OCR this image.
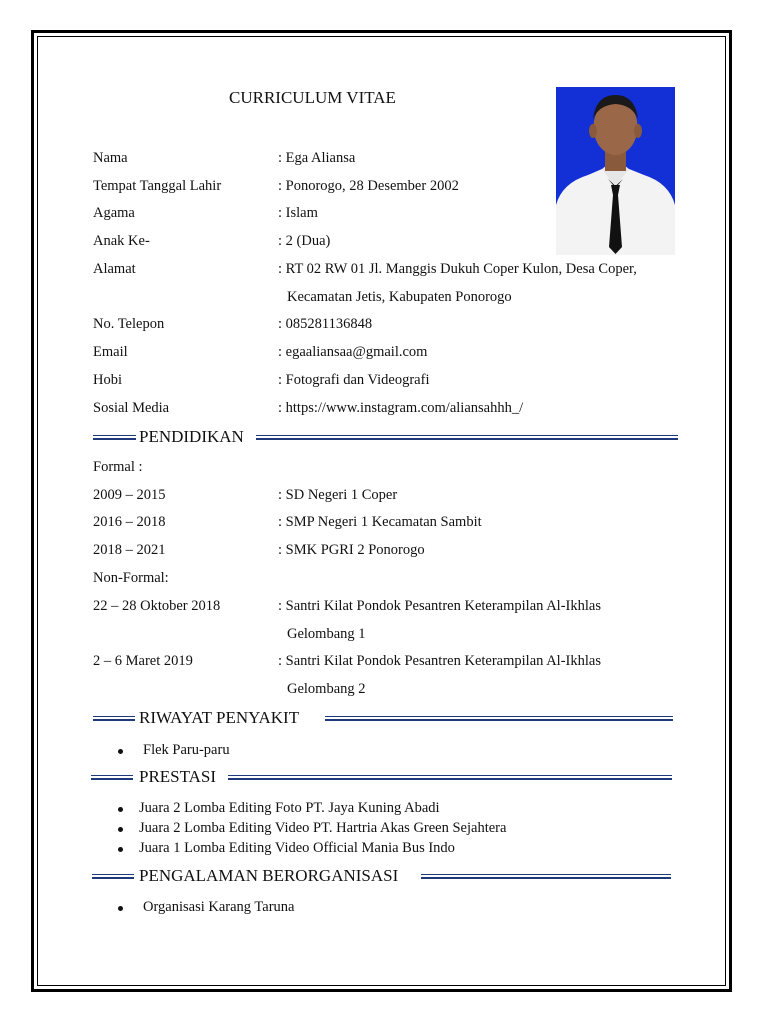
CURRICULUM VITAE
Nama	: Ega Aliansa
Tempat Tanggal Lahir	: Ponorogo, 28 Desember 2002
Agama	: Islam
Anak Ke-	: 2 (Dua)
Alamat	: RT 02 RW 01 Jl. Manggis Dukuh Coper Kulon, Desa Coper,
Kecamatan Jetis, Kabupaten Ponorogo
No. Telepon	: 085281136848
Email	: egaaliansaa@gmail.com
Hobi	: Fotografi dan Videografi
Sosial Media	: https://www.instagram.com/aliansahhh_/
PENDIDIKAN
Formal :
2009 – 2015	: SD Negeri 1 Coper
2016 – 2018	: SMP Negeri 1 Kecamatan Sambit
2018 – 2021	: SMK PGRI 2 Ponorogo
Non-Formal:
22 – 28 Oktober 2018	: Santri Kilat Pondok Pesantren Keterampilan Al-Ikhlas
Gelombang 1
2 – 6 Maret 2019	: Santri Kilat Pondok Pesantren Keterampilan Al-Ikhlas
Gelombang 2
RIWAYAT PENYAKIT
Flek Paru-paru
PRESTASI
Juara 2 Lomba Editing Foto PT. Jaya Kuning Abadi
Juara 2 Lomba Editing Video PT. Hartria Akas Green Sejahtera
Juara 1 Lomba Editing Video Official Mania Bus Indo
PENGALAMAN BERORGANISASI
Organisasi Karang Taruna
